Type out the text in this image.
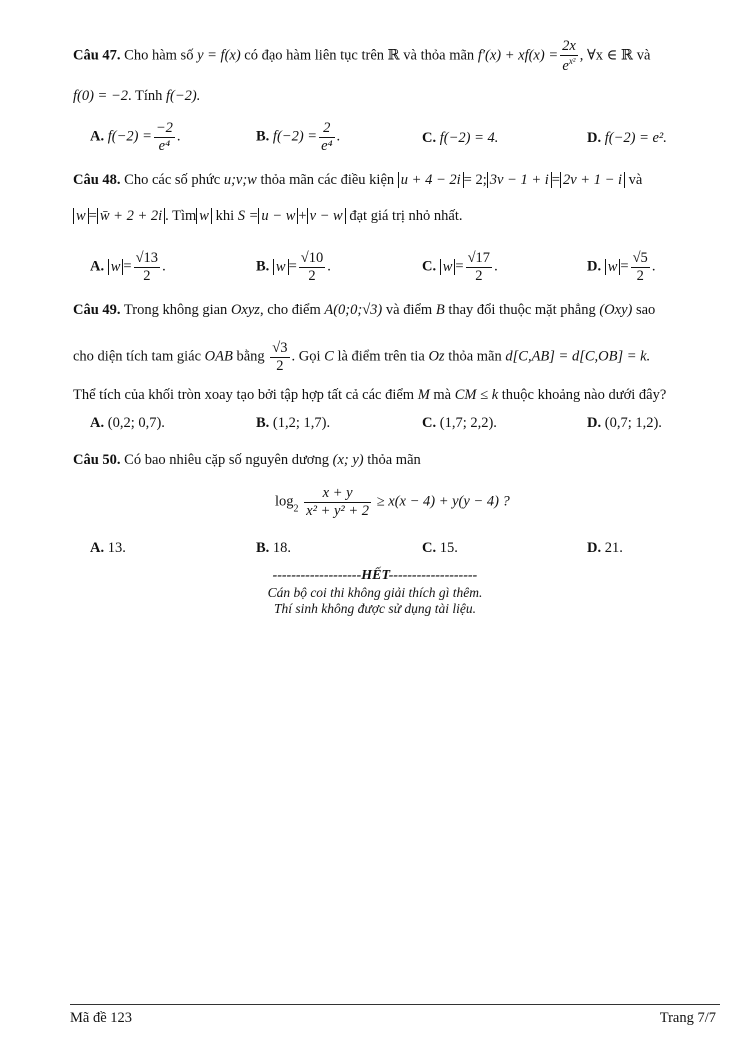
Câu 47. Cho hàm số y = f(x) có đạo hàm liên tục trên ℝ và thỏa mãn $f'(x) + xf(x) = \frac{2x}{e^{x^2}}$ , ∀x ∈ ℝ và
f(0) = −2. Tính f(−2).
A. $f(-2) = \frac{-2}{\text{e⁴}}$ .	B. $f(-2) = \frac{2}{\text{e⁴}}$ .	C. f(−2) = 4.	D. f(−2) = e².
Câu 48. Cho các số phức u;v;w thỏa mãn các điều kiện u + 4 − 2i = 2; 3v − 1 + i = 2v + 1 − i và
w = w̄ + 2 + 2i . Tìm w khi S = u − w + v − w đạt giá trị nhỏ nhất.
A. $w = \frac{√13}{2}$ .	B. $w = \frac{√10}{2}$ .	C. $w = \frac{√17}{2}$ .	D. $w = \frac{√5}{2}$ .
Câu 49. Trong không gian Oxyz, cho điểm A(0;0;√3) và điểm B thay đổi thuộc mặt phẳng (Oxy) sao
cho diện tích tam giác OAB bằng $\frac{√3}{2}$ . Gọi C là điểm trên tia Oz thỏa mãn d[C,AB] = d[C,OB] = k.
Thể tích của khối tròn xoay tạo bởi tập hợp tất cả các điểm M mà CM ≤ k thuộc khoảng nào dưới đây?
A. (0,2; 0,7).	B. (1,2; 1,7).	C. (1,7; 2,2).	D. (0,7; 1,2).
Câu 50. Có bao nhiêu cặp số nguyên dương (x; y) thỏa mãn
$\log_2 \frac{x + y}{\text{x² + y² + 2}} \ge x(x - 4) + y(y - 4)$ ?
A. 13.	B. 18.	C. 15.	D. 21.
-------------------HẾT-------------------
Cán bộ coi thi không giải thích gì thêm.
Thí sinh không được sử dụng tài liệu.
Mã đề 123	Trang 7/7
